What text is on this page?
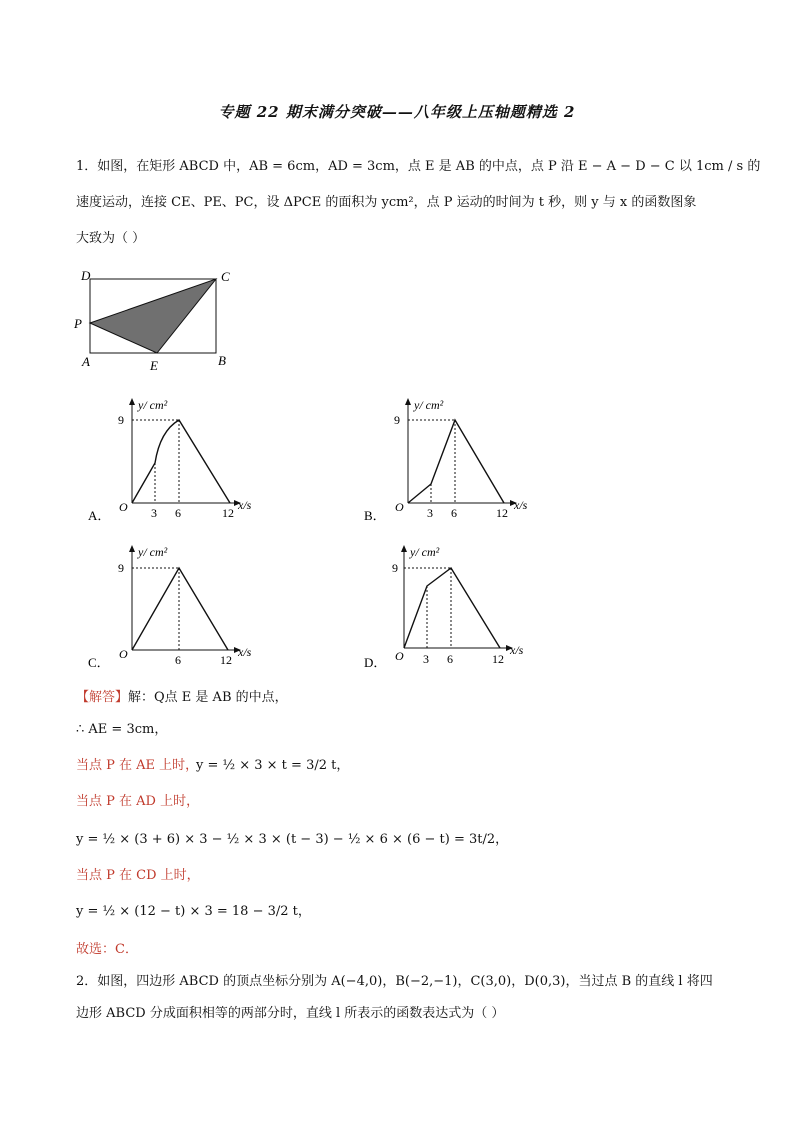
专题 22 期末满分突破——八年级上压轴题精选 2
1．如图，在矩形 ABCD 中，AB = 6cm，AD = 3cm，点 E 是 AB 的中点，点 P 沿 E − A − D − C 以 1cm / s 的
速度运动，连接 CE、PE、PC，设 ΔPCE 的面积为 ycm²，点 P 运动的时间为 t 秒，则 y 与 x 的函数图象
大致为（ ）
D	C
P
A	E	B
A．
y/ cm²
x/s
O
9
3 6	12	B．
y/ cm²
x/s
O
9
3 6	12
C．
y/ cm²
x/s
O
9
6	12	D．
y/ cm²
x/s
O
9
3 6	12
【解答】解：Q点 E 是 AB 的中点，
∴ AE = 3cm，
当点 P 在 AE 上时，
y = ½ × 3 × t = 3/2 t，
当点 P 在 AD 上时，
y = ½ × (3 + 6) × 3 − ½ × 3 × (t − 3) − ½ × 6 × (6 − t) = 3t/2，
当点 P 在 CD 上时，
y = ½ × (12 − t) × 3 = 18 − 3/2 t，
故选：C．
2．如图，四边形 ABCD 的顶点坐标分别为 A(−4,0)，B(−2,−1)，C(3,0)，D(0,3)，当过点 B 的直线 l 将四
边形 ABCD 分成面积相等的两部分时，直线 l 所表示的函数表达式为（ ）
